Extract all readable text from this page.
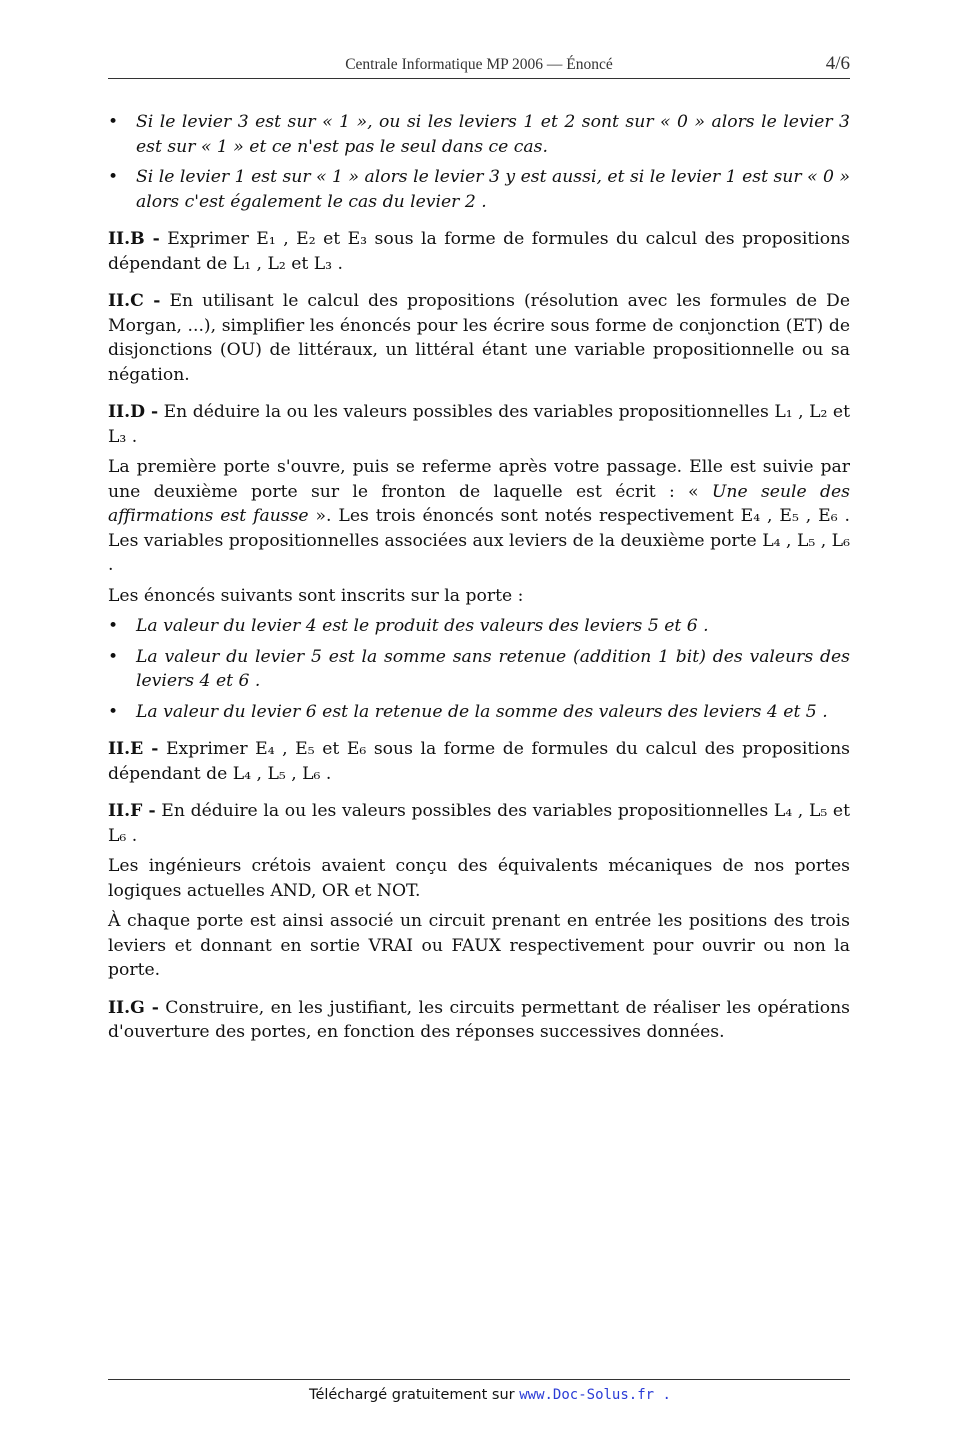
Centrale Informatique MP 2006 — Énoncé	4/6
• Si le levier 3 est sur « 1 », ou si les leviers 1 et 2 sont sur « 0 » alors le levier 3 est sur « 1 » et ce n'est pas le seul dans ce cas.
• Si le levier 1 est sur « 1 » alors le levier 3 y est aussi, et si le levier 1 est sur « 0 » alors c'est également le cas du levier 2 .

II.B - Exprimer E₁ , E₂ et E₃ sous la forme de formules du calcul des propositions dépendant de L₁ , L₂ et L₃ .

II.C - En utilisant le calcul des propositions (résolution avec les formules de De Morgan, ...), simplifier les énoncés pour les écrire sous forme de conjonction (ET) de disjonctions (OU) de littéraux, un littéral étant une variable propositionnelle ou sa négation.

II.D - En déduire la ou les valeurs possibles des variables propositionnelles L₁ , L₂ et L₃ .

La première porte s'ouvre, puis se referme après votre passage. Elle est suivie par une deuxième porte sur le fronton de laquelle est écrit : « Une seule des affirmations est fausse ». Les trois énoncés sont notés respectivement E₄ , E₅ , E₆ . Les variables propositionnelles associées aux leviers de la deuxième porte L₄ , L₅ , L₆ .

Les énoncés suivants sont inscrits sur la porte :

• La valeur du levier 4 est le produit des valeurs des leviers 5 et 6 .
• La valeur du levier 5 est la somme sans retenue (addition 1 bit) des valeurs des leviers 4 et 6 .
• La valeur du levier 6 est la retenue de la somme des valeurs des leviers 4 et 5 .

II.E - Exprimer E₄ , E₅ et E₆ sous la forme de formules du calcul des propositions dépendant de L₄ , L₅ , L₆ .

II.F - En déduire la ou les valeurs possibles des variables propositionnelles L₄ , L₅ et L₆ .

Les ingénieurs crétois avaient conçu des équivalents mécaniques de nos portes logiques actuelles AND, OR et NOT.

À chaque porte est ainsi associé un circuit prenant en entrée les positions des trois leviers et donnant en sortie VRAI ou FAUX respectivement pour ouvrir ou non la porte.

II.G - Construire, en les justifiant, les circuits permettant de réaliser les opérations d'ouverture des portes, en fonction des réponses successives données.

Téléchargé gratuitement sur www.Doc-Solus.fr .
